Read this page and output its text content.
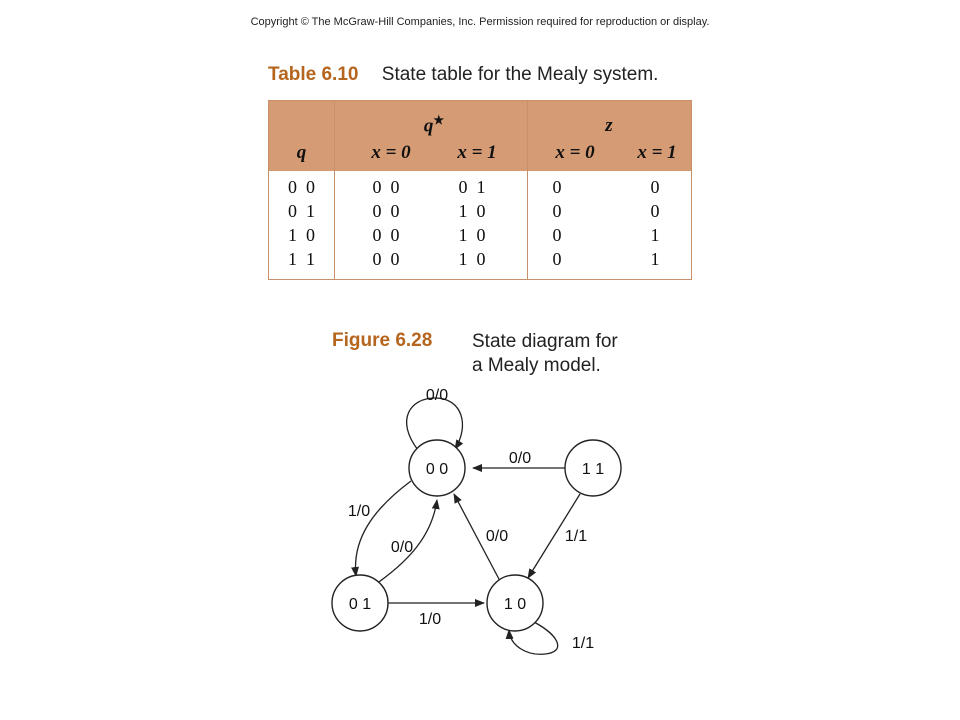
Copyright © The McGraw-Hill Companies, Inc. Permission required for reproduction or display.
Table 6.10 State table for the Mealy system.
q
q★	z
x = 0	x = 1	x = 0	x = 1
0  0	0  0	0  1	0	0
0  1	0  0	1  0	0	0
1  0	0  0	1  0	0	1
1  1	0  0	1  0	0	1
Figure 6.28 State diagram for
a Mealy model.
0 0	1 1
0 1	1 0
0/0
0/0
1/0
0/0
0/0	1/1
1/0
1/1
